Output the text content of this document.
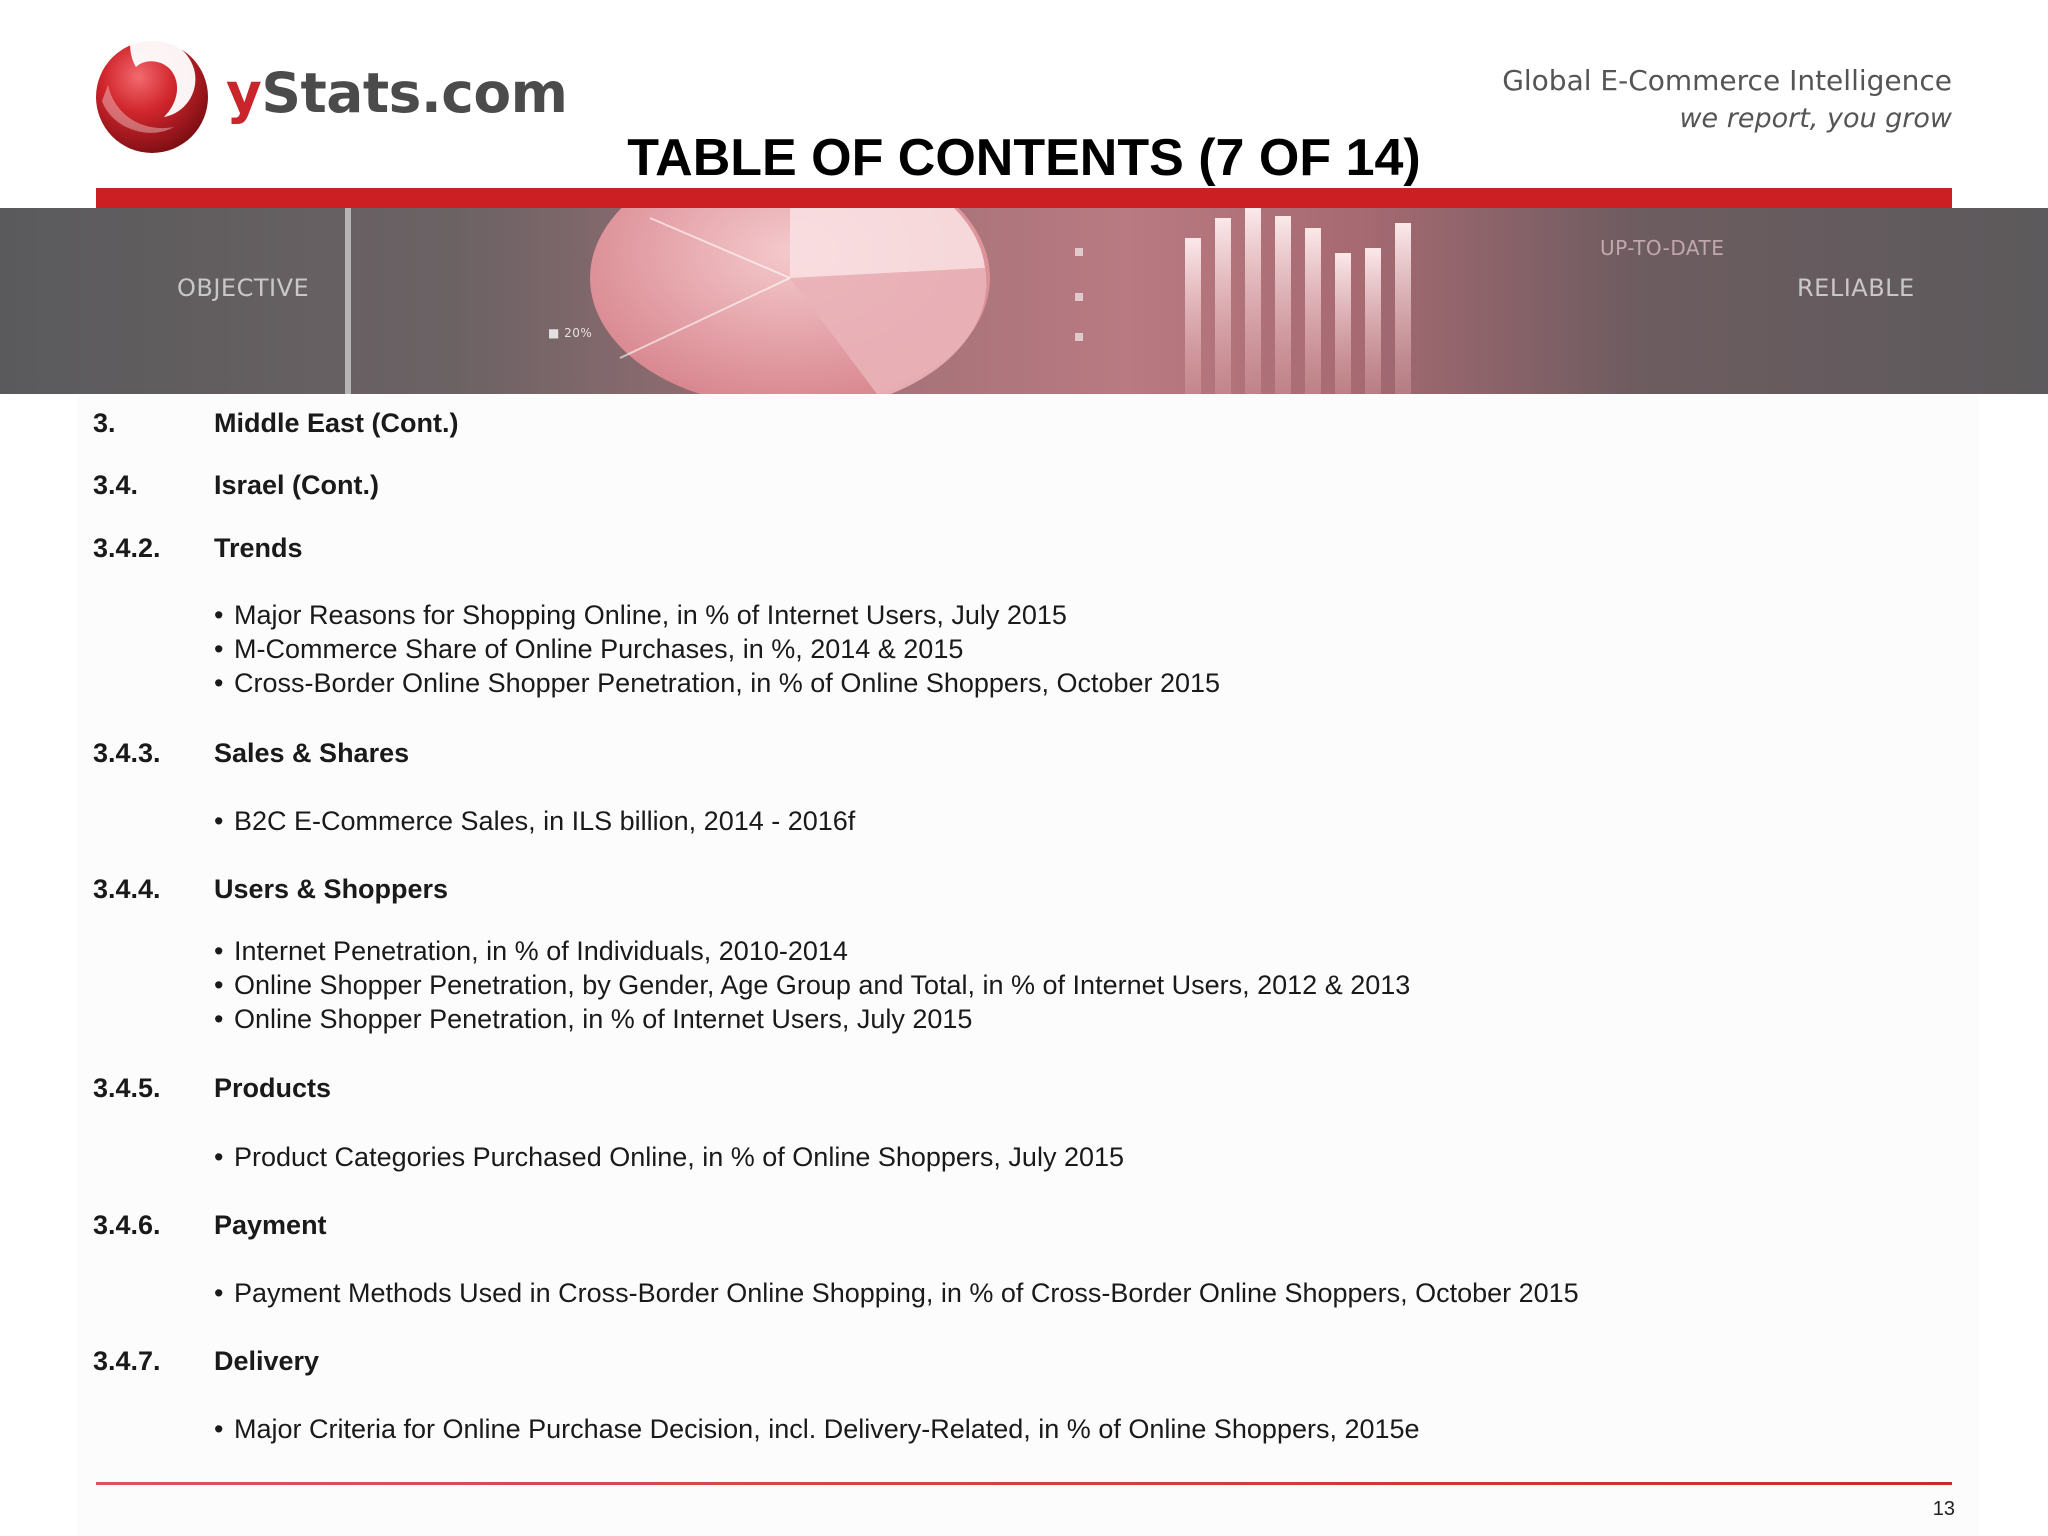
yStats.com	Global E-Commerce Intelligence
we report, you grow
TABLE OF CONTENTS (7 OF 14)
OBJECTIVE
UP-TO-DATE
RELIABLE
■ 20%
3.	Middle East (Cont.)
3.4.	Israel (Cont.)
3.4.2. Trends
• Major Reasons for Shopping Online, in % of Internet Users, July 2015
• M-Commerce Share of Online Purchases, in %, 2014 & 2015
• Cross-Border Online Shopper Penetration, in % of Online Shoppers, October 2015
3.4.3. Sales & Shares
• B2C E-Commerce Sales, in ILS billion, 2014 - 2016f
3.4.4. Users & Shoppers
• Internet Penetration, in % of Individuals, 2010-2014
• Online Shopper Penetration, by Gender, Age Group and Total, in % of Internet Users, 2012 & 2013
• Online Shopper Penetration, in % of Internet Users, July 2015
3.4.5. Products
• Product Categories Purchased Online, in % of Online Shoppers, July 2015
3.4.6. Payment
• Payment Methods Used in Cross-Border Online Shopping, in % of Cross-Border Online Shoppers, October 2015
3.4.7. Delivery
• Major Criteria for Online Purchase Decision, incl. Delivery-Related, in % of Online Shoppers, 2015e
13
